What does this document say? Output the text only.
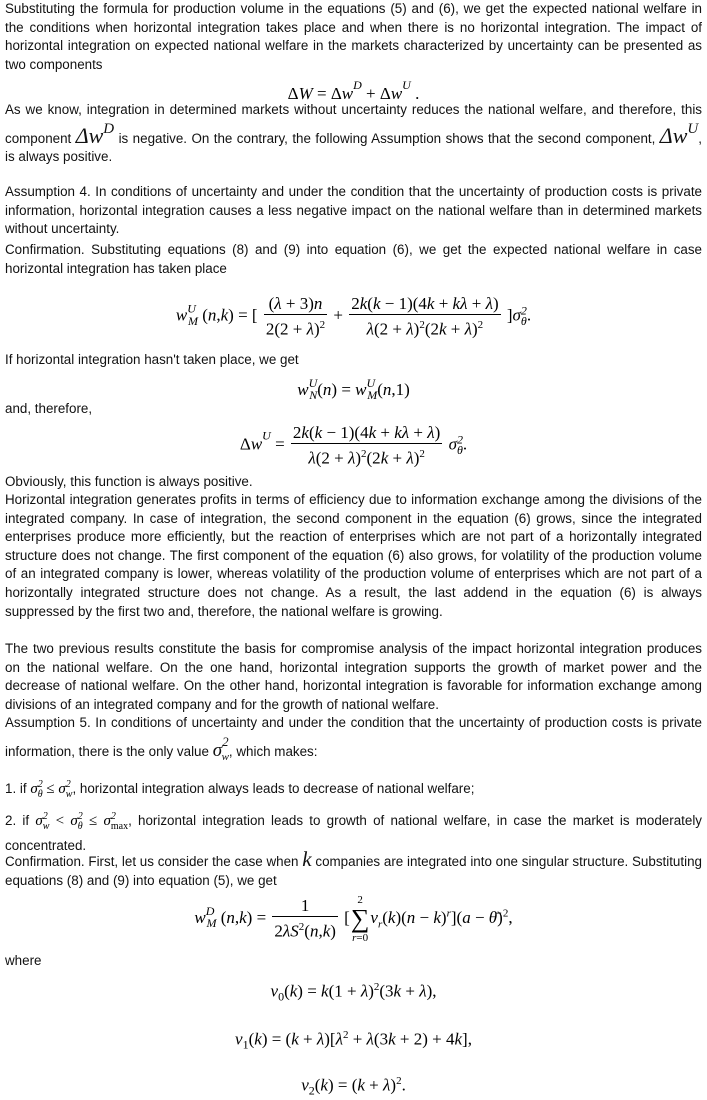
Substituting the formula for production volume in the equations (5) and (6), we get the expected national welfare in the conditions when horizontal integration takes place and when there is no horizontal integration. The impact of horizontal integration on expected national welfare in the markets characterized by uncertainty can be presented as two components

$\Delta W = \Delta w^D + \Delta w^U$ .
As we know, integration in determined markets without uncertainty reduces the national welfare, and therefore, this component $\Delta w^D$ is negative. On the contrary, the following Assumption shows that the second component, $\Delta w^U$, is always positive.

Assumption 4. In conditions of uncertainty and under the condition that the uncertainty of production costs is private information, horizontal integration causes a less negative impact on the national welfare than in determined markets without uncertainty.

Confirmation. Substituting equations (8) and (9) into equation (6), we get the expected national welfare in case horizontal integration has taken place

$w^U_M$ (n,k) = [ $\frac{(\lambda + 3)n}{2(2 + \lambda)^2} + \frac{2k(k - 1)(4k + k\lambda + \lambda)}{\lambda(2 + \lambda)^2(2k + \lambda)^2} ]\sigma^2_\theta$.

If horizontal integration hasn't taken place, we get

$w^U_N(n) = w^U_M(n,1)$

and, therefore,

$\Delta w^U = \frac{2k(k - 1)(4k + k\lambda + \lambda)}{\lambda(2 + \lambda)^2(2k + \lambda)^2} \sigma^2_\theta$.

Obviously, this function is always positive.

Horizontal integration generates profits in terms of efficiency due to information exchange among the divisions of the integrated company. In case of integration, the second component in the equation (6) grows, since the integrated enterprises produce more efficiently, but the reaction of enterprises which are not part of a horizontally integrated structure does not change. The first component of the equation (6) also grows, for volatility of the production volume of an integrated company is lower, whereas volatility of the production volume of enterprises which are not part of a horizontally integrated structure does not change. As a result, the last addend in the equation (6) is always suppressed by the first two and, therefore, the national welfare is growing.

The two previous results constitute the basis for compromise analysis of the impact horizontal integration produces on the national welfare. On the one hand, horizontal integration supports the growth of market power and the decrease of national welfare. On the other hand, horizontal integration is favorable for information exchange among divisions of an integrated company and for the growth of national welfare.

Assumption 5. In conditions of uncertainty and under the condition that the uncertainty of production costs is private information, there is the only value $\sigma^2_w$, which makes:
1. if $\sigma^2_\theta \le \sigma^2_w$, horizontal integration always leads to decrease of national welfare;
2. if $\sigma^2_w < \sigma^2_\theta \le \sigma^2_{max}$, horizontal integration leads to growth of national welfare, in case the market is moderately concentrated.
Confirmation. First, let us consider the case when k companies are integrated into one singular structure. Substituting equations (8) and (9) into equation (5), we get
$w^D_M$ $(n,k) = \frac{1}{2\lambda S^2(n,k)}$ [
2
∑
r=0
$v_r(k)(n - k)^r](a$ − θ̄)$^2$,

where

$v_0(k) = k(1 + \lambda)^2(3k + \lambda)$,
$v_1(k) = (k + \lambda)[\lambda^2 + \lambda(3k + 2) + 4k]$,
$v_2(k) = (k + \lambda)^2$.
